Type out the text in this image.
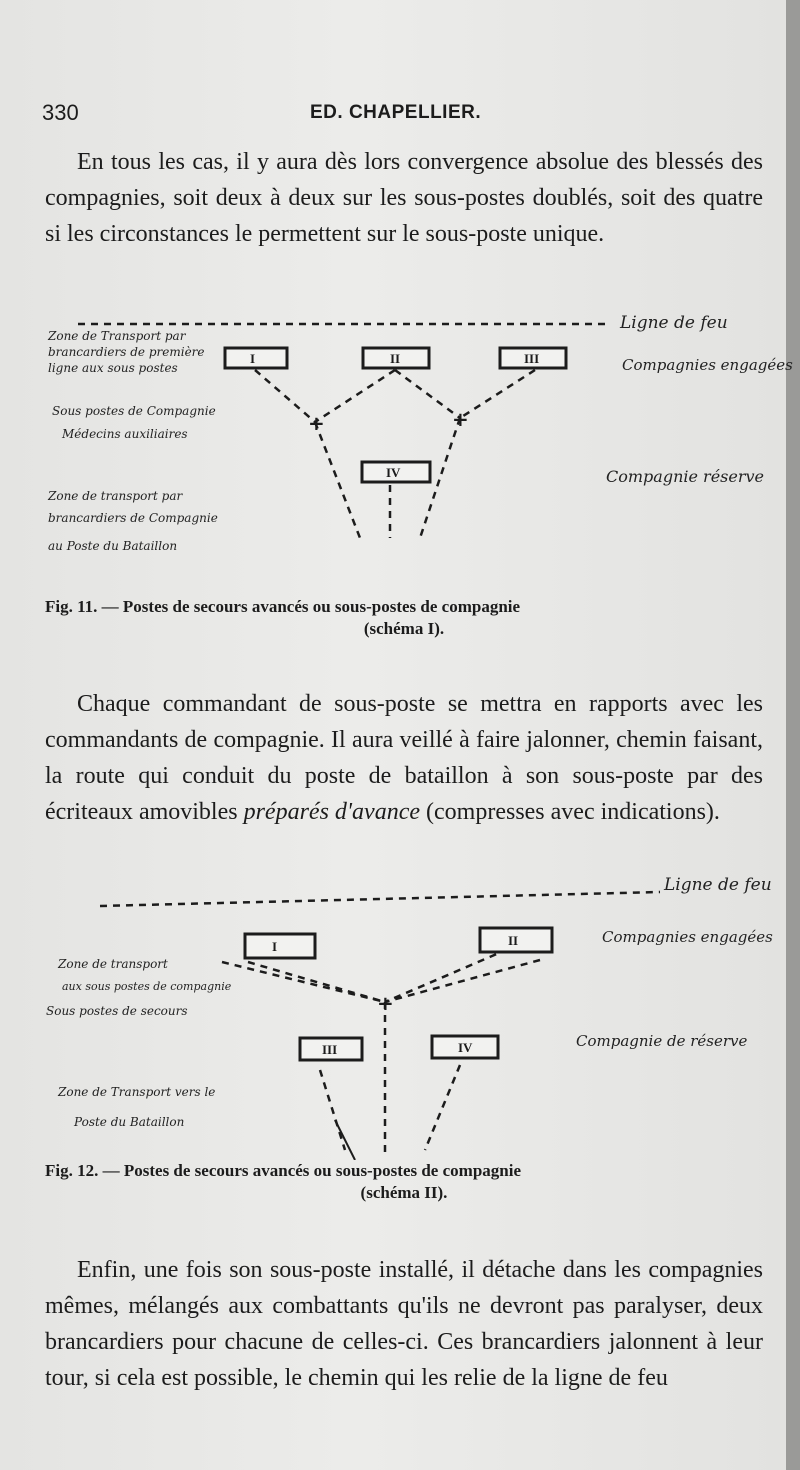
330	ED. CHAPELLIER.

En tous les cas, il y aura dès lors convergence absolue des blessés des compagnies, soit deux à deux sur les sous-postes doublés, soit des quatre si les circonstances le permettent sur le sous-poste unique.

Ligne de feu
Compagnies engagées
Compagnie réserve
Zone de Transport par
brancardiers de première
ligne aux sous postes
Sous postes de Compagnie
Médecins auxiliaires
Zone de transport par
brancardiers de Compagnie
au Poste du Bataillon
+	+
I	II	III
IV
Fig. 11. — Postes de secours avancés ou sous-postes de compagnie
(schéma I).

Chaque commandant de sous-poste se mettra en rapports avec les commandants de compagnie. Il aura veillé à faire jalonner, chemin faisant, la route qui conduit du poste de bataillon à son sous-poste par des écriteaux amovibles préparés d'avance (compresses avec indications).

Ligne de feu
Compagnies engagées
Compagnie de réserve
Zone de transport
aux sous postes de compagnie
Sous postes de secours
Zone de Transport vers le
Poste du Bataillon
+
I	II
III	IV
Fig. 12. — Postes de secours avancés ou sous-postes de compagnie
(schéma II).

Enfin, une fois son sous-poste installé, il détache dans les compagnies mêmes, mélangés aux combattants qu'ils ne devront pas paralyser, deux brancardiers pour chacune de celles-ci. Ces brancardiers jalonnent à leur tour, si cela est possible, le chemin qui les relie de la ligne de feu
